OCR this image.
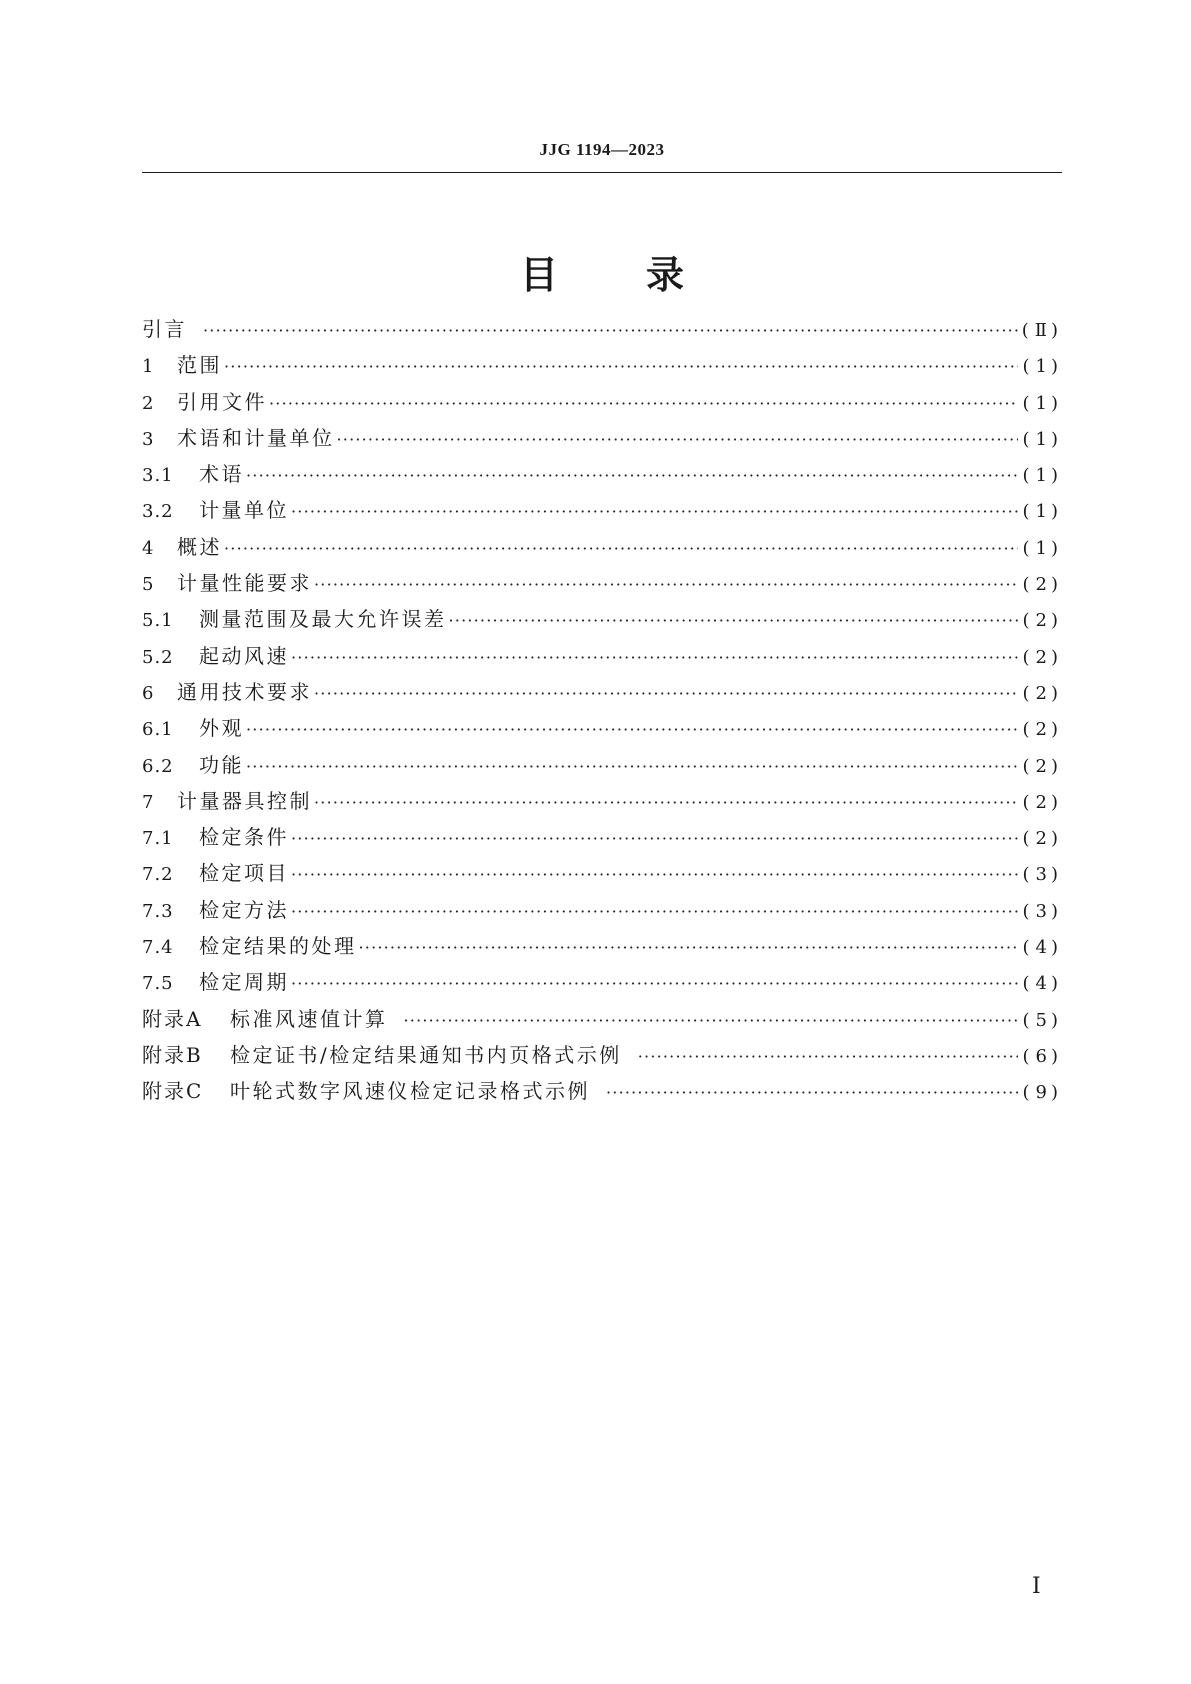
JJG 1194—2023
目录
引言 ·····	( Ⅱ)
1	范围 ·····	( 1)
2	引用文件 ·····	( 1)
3	术语和计量单位 ·····	( 1)
3.1	术语 ·····	( 1)
3.2	计量单位 ·····	( 1)
4	概述 ·····	( 1)
5	计量性能要求 ·····	( 2)
5.1	测量范围及最大允许误差 ·····	( 2)
5.2	起动风速 ·····	( 2)
6	通用技术要求 ·····	( 2)
6.1	外观 ·····	( 2)
6.2	功能 ·····	( 2)
7	计量器具控制 ·····	( 2)
7.1	检定条件 ·····	( 2)
7.2	检定项目 ·····	( 3)
7.3	检定方法 ·····	( 3)
7.4	检定结果的处理 ·····	( 4)
7.5	检定周期 ·····	( 4)
附录A	标准风速值计算 ·····	( 5)
附录B	检定证书/检定结果通知书内页格式示例 ·····	( 6)
附录C	叶轮式数字风速仪检定记录格式示例 ·····	( 9)
Ⅰ
